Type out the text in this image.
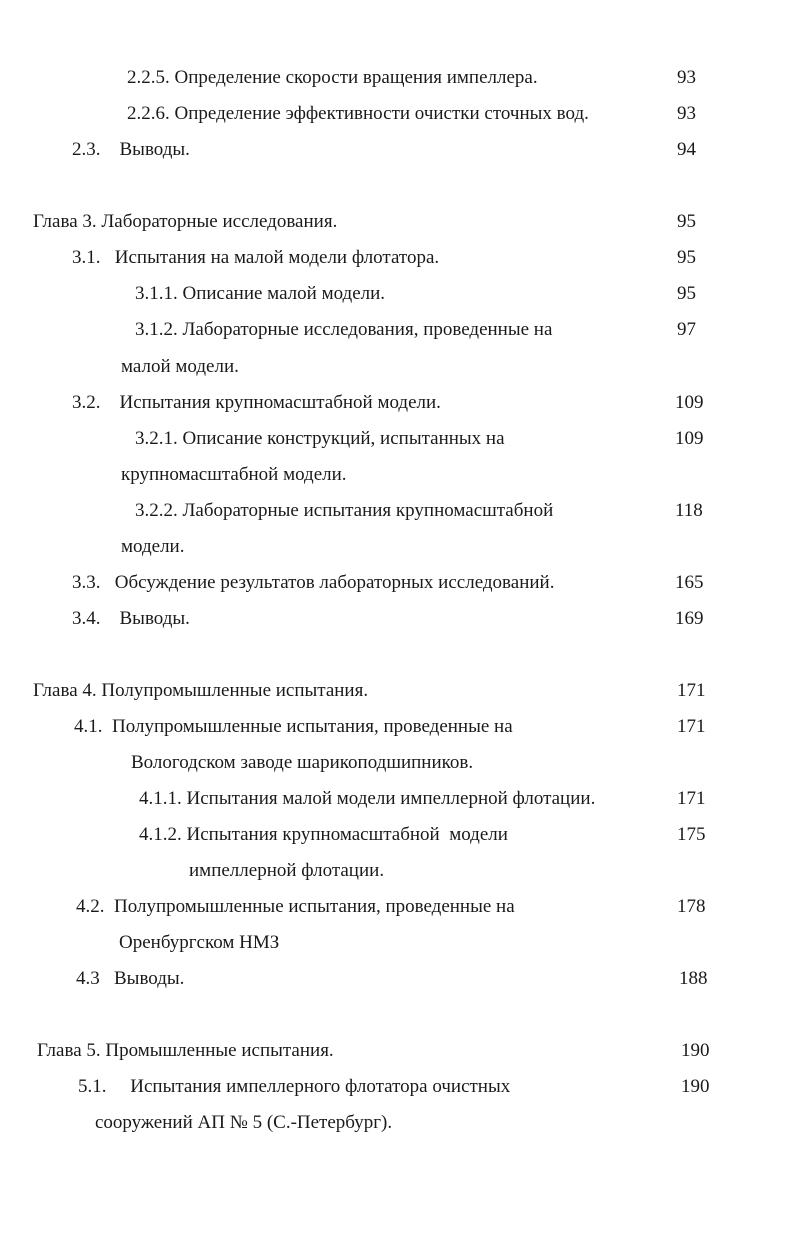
2.2.5. Определение скорости вращения импеллера.	93
2.2.6. Определение эффективности очистки сточных вод.	93
2.3.    Выводы.	94
Глава 3. Лабораторные исследования.	95
3.1.   Испытания на малой модели флотатора.	95
3.1.1. Описание малой модели.	95
3.1.2. Лабораторные исследования, проведенные на	97
малой модели.
3.2.    Испытания крупномасштабной модели.	109
3.2.1. Описание конструкций, испытанных на	109
крупномасштабной модели.
3.2.2. Лабораторные испытания крупномасштабной	118
модели.
3.3.   Обсуждение результатов лабораторных исследований.	165
3.4.    Выводы.	169
Глава 4. Полупромышленные испытания.	171
4.1.  Полупромышленные испытания, проведенные на	171
Вологодском заводе шарикоподшипников.
4.1.1. Испытания малой модели импеллерной флотации.	171
4.1.2. Испытания крупномасштабной  модели	175
импеллерной флотации.
4.2.  Полупромышленные испытания, проведенные на	178
Оренбургском НМЗ
4.3   Выводы.	188
Глава 5. Промышленные испытания.	190
5.1.     Испытания импеллерного флотатора очистных	190
сооружений АП № 5 (С.-Петербург).
